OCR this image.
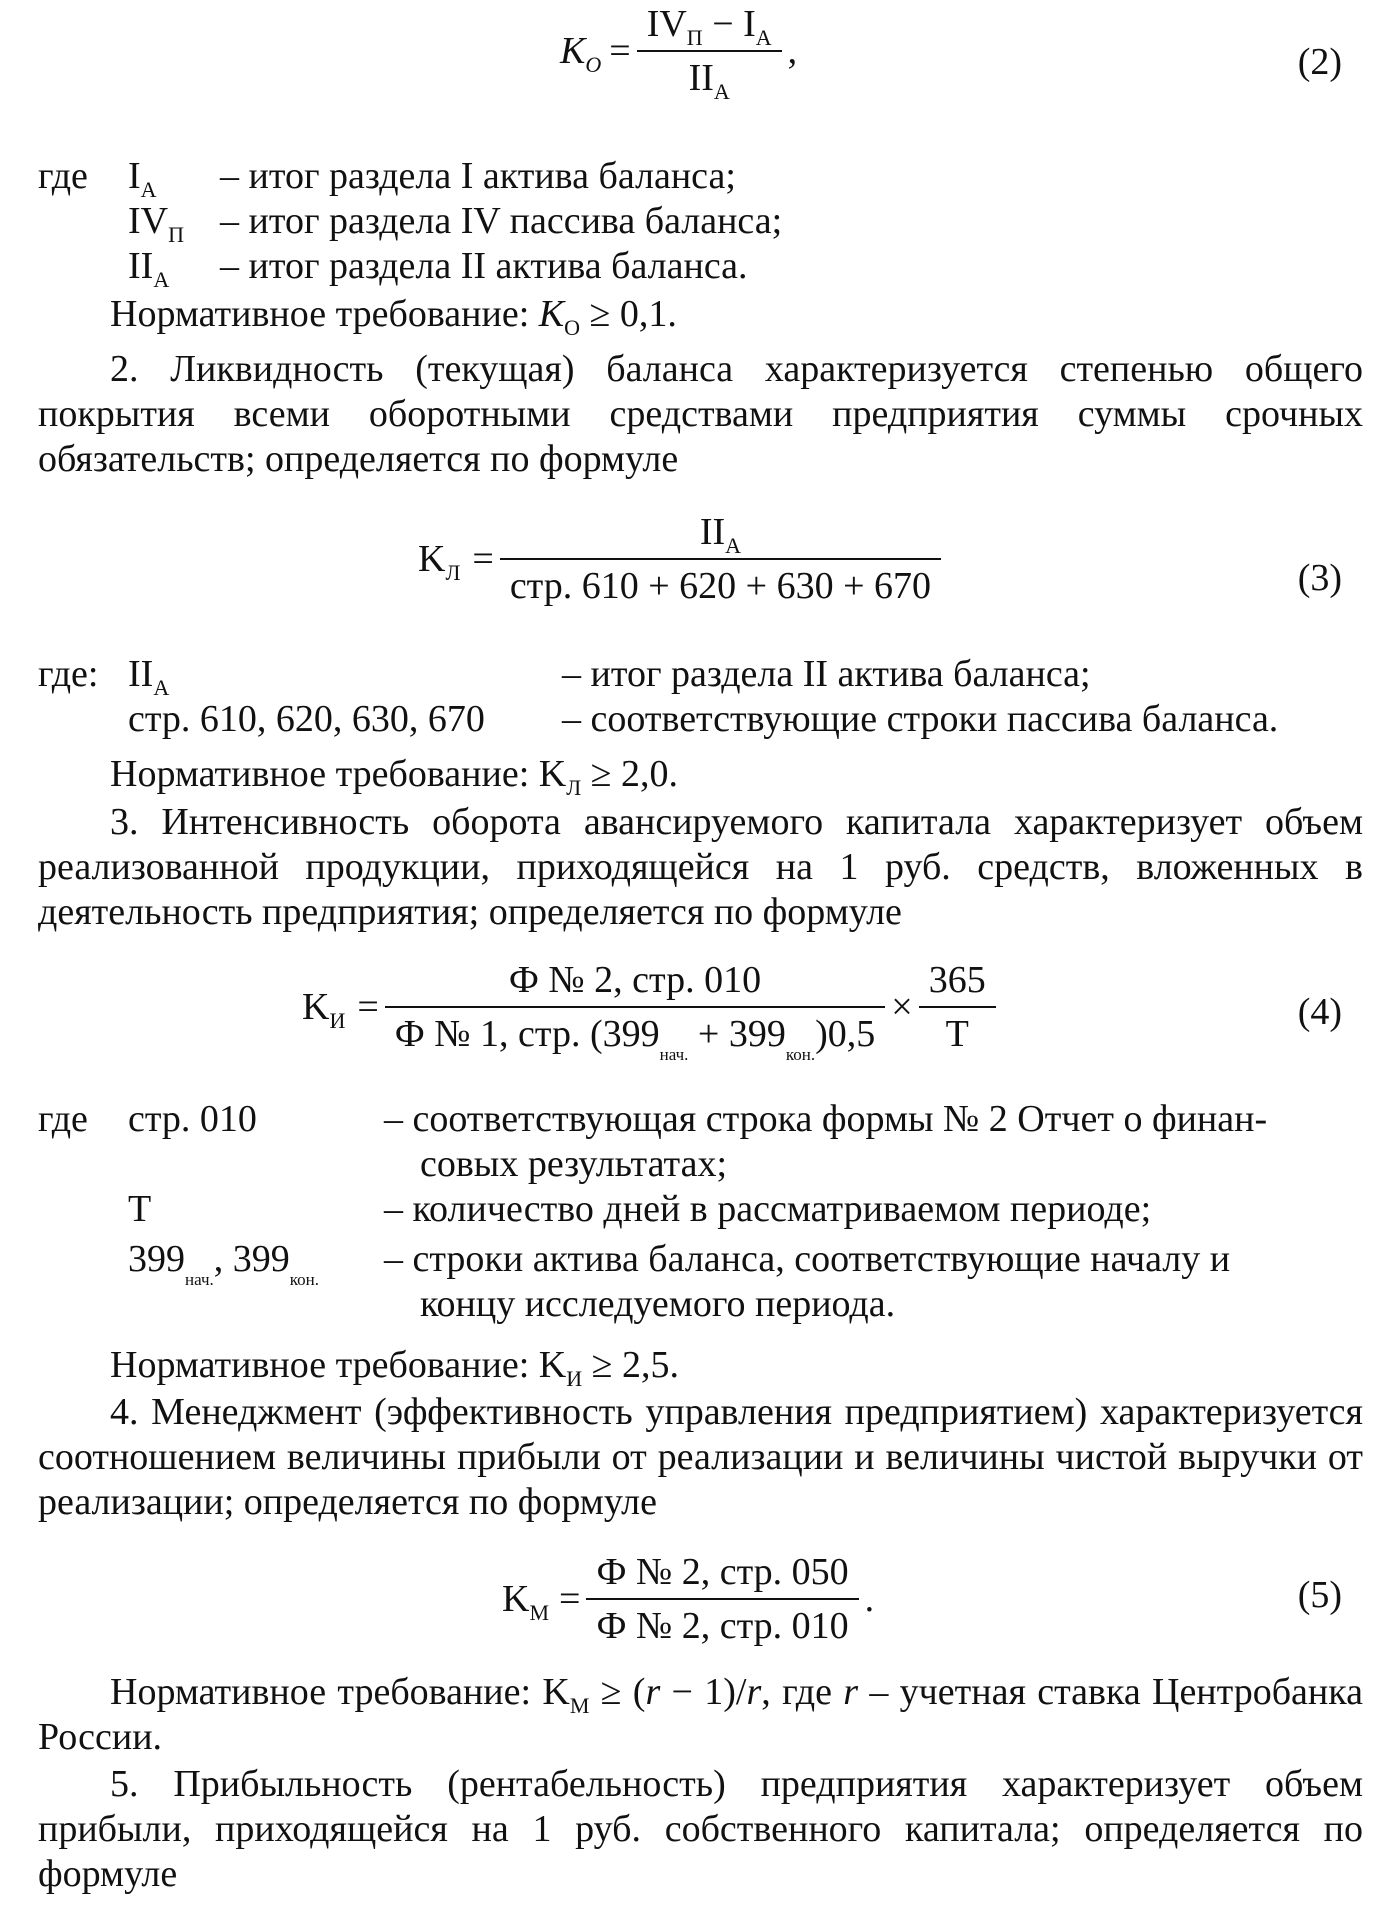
$K_О = \frac{IV_П - I_А}{II_А}$ ,	(2)
где $I_А$ – итог раздела I актива баланса;
$IV_П$ – итог раздела IV пассива баланса;
$II_А$ – итог раздела II актива баланса.
Нормативное требование: $K_О \ge 0,1$.
2. Ликвидность (текущая) баланса характеризуется степенью общего покрытия всеми оборотными средствами предприятия суммы срочных обязательств; определяется по формуле
$K_Л = \frac{II_А}{\text{стр. 610 + 620 + 630 + 670}}$	(3)
где: $II_А$	– итог раздела II актива баланса;
стр. 610, 620, 630, 670 – соответствующие строки пассива баланса.
Нормативное требование: $K_Л \ge 2,0$.
3. Интенсивность оборота авансируемого капитала характеризует объем реализованной продукции, приходящейся на 1 руб. средств, вложенных в деятельность предприятия; определяется по формуле
$K_И = \frac{\text{Ф № 2, стр. 010}}{Ф № 1, стр. (399_{нач.} + 399_{кон.})0,5} \times \frac{365}{Т}$	(4)
где стр. 010	– соответствующая строка формы № 2 Отчет о финан-
совых результатах;
Т	– количество дней в рассматриваемом периоде;
$399_{нач.}$, $399_{кон.}$ – строки актива баланса, соответствующие началу и
концу исследуемого периода.
Нормативное требование: $K_И \ge 2,5$.
4. Менеджмент (эффективность управления предприятием) характеризуется соотношением величины прибыли от реализации и величины чистой выручки от реализации; определяется по формуле
$K_М = \frac{\text{Ф № 2, стр. 050}}{\text{Ф № 2, стр. 010}}$ .	(5)
Нормативное требование: $K_М \ge (r - 1)/r$, где r – учетная ставка Центробанка России.
5. Прибыльность (рентабельность) предприятия характеризует объем прибыли, приходящейся на 1 руб. собственного капитала; определяется по формуле
